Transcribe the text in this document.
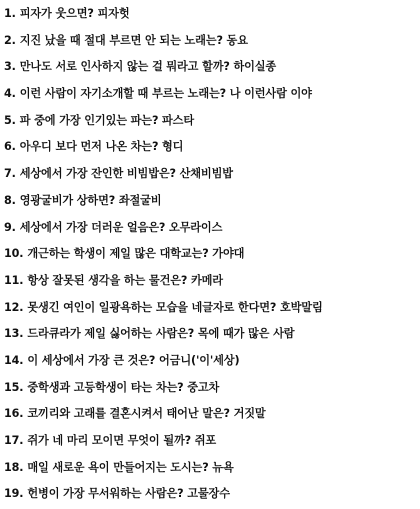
1. 피자가 웃으면? 피자헛
2. 지진 났을 때 절대 부르면 안 되는 노래는? 동요
3. 만나도 서로 인사하지 않는 걸 뭐라고 할까? 하이실종
4. 이런 사람이 자기소개할 때 부르는 노래는? 나 이런사람 이야
5. 파 중에 가장 인기있는 파는? 파스타
6. 아우디 보다 먼저 나온 차는? 형디
7. 세상에서 가장 잔인한 비빔밥은? 산채비빔밥
8. 영광굴비가 상하면? 좌절굴비
9. 세상에서 가장 더러운 얼음은? 오무라이스
10. 개근하는 학생이 제일 많은 대학교는? 가야대
11. 항상 잘못된 생각을 하는 물건은? 카메라
12. 못생긴 여인이 일광욕하는 모습을 네글자로 한다면? 호박말림
13. 드라큐라가 제일 싫어하는 사람은? 목에 때가 많은 사람
14. 이 세상에서 가장 큰 것은? 어금니('이'세상)
15. 중학생과 고등학생이 타는 차는? 중고차
16. 코끼리와 고래를 결혼시켜서 태어난 말은? 거짓말
17. 쥐가 네 마리 모이면 무엇이 될까? 쥐포
18. 매일 새로운 욕이 만들어지는 도시는? 뉴욕
19. 헌병이 가장 무서워하는 사람은? 고물장수
